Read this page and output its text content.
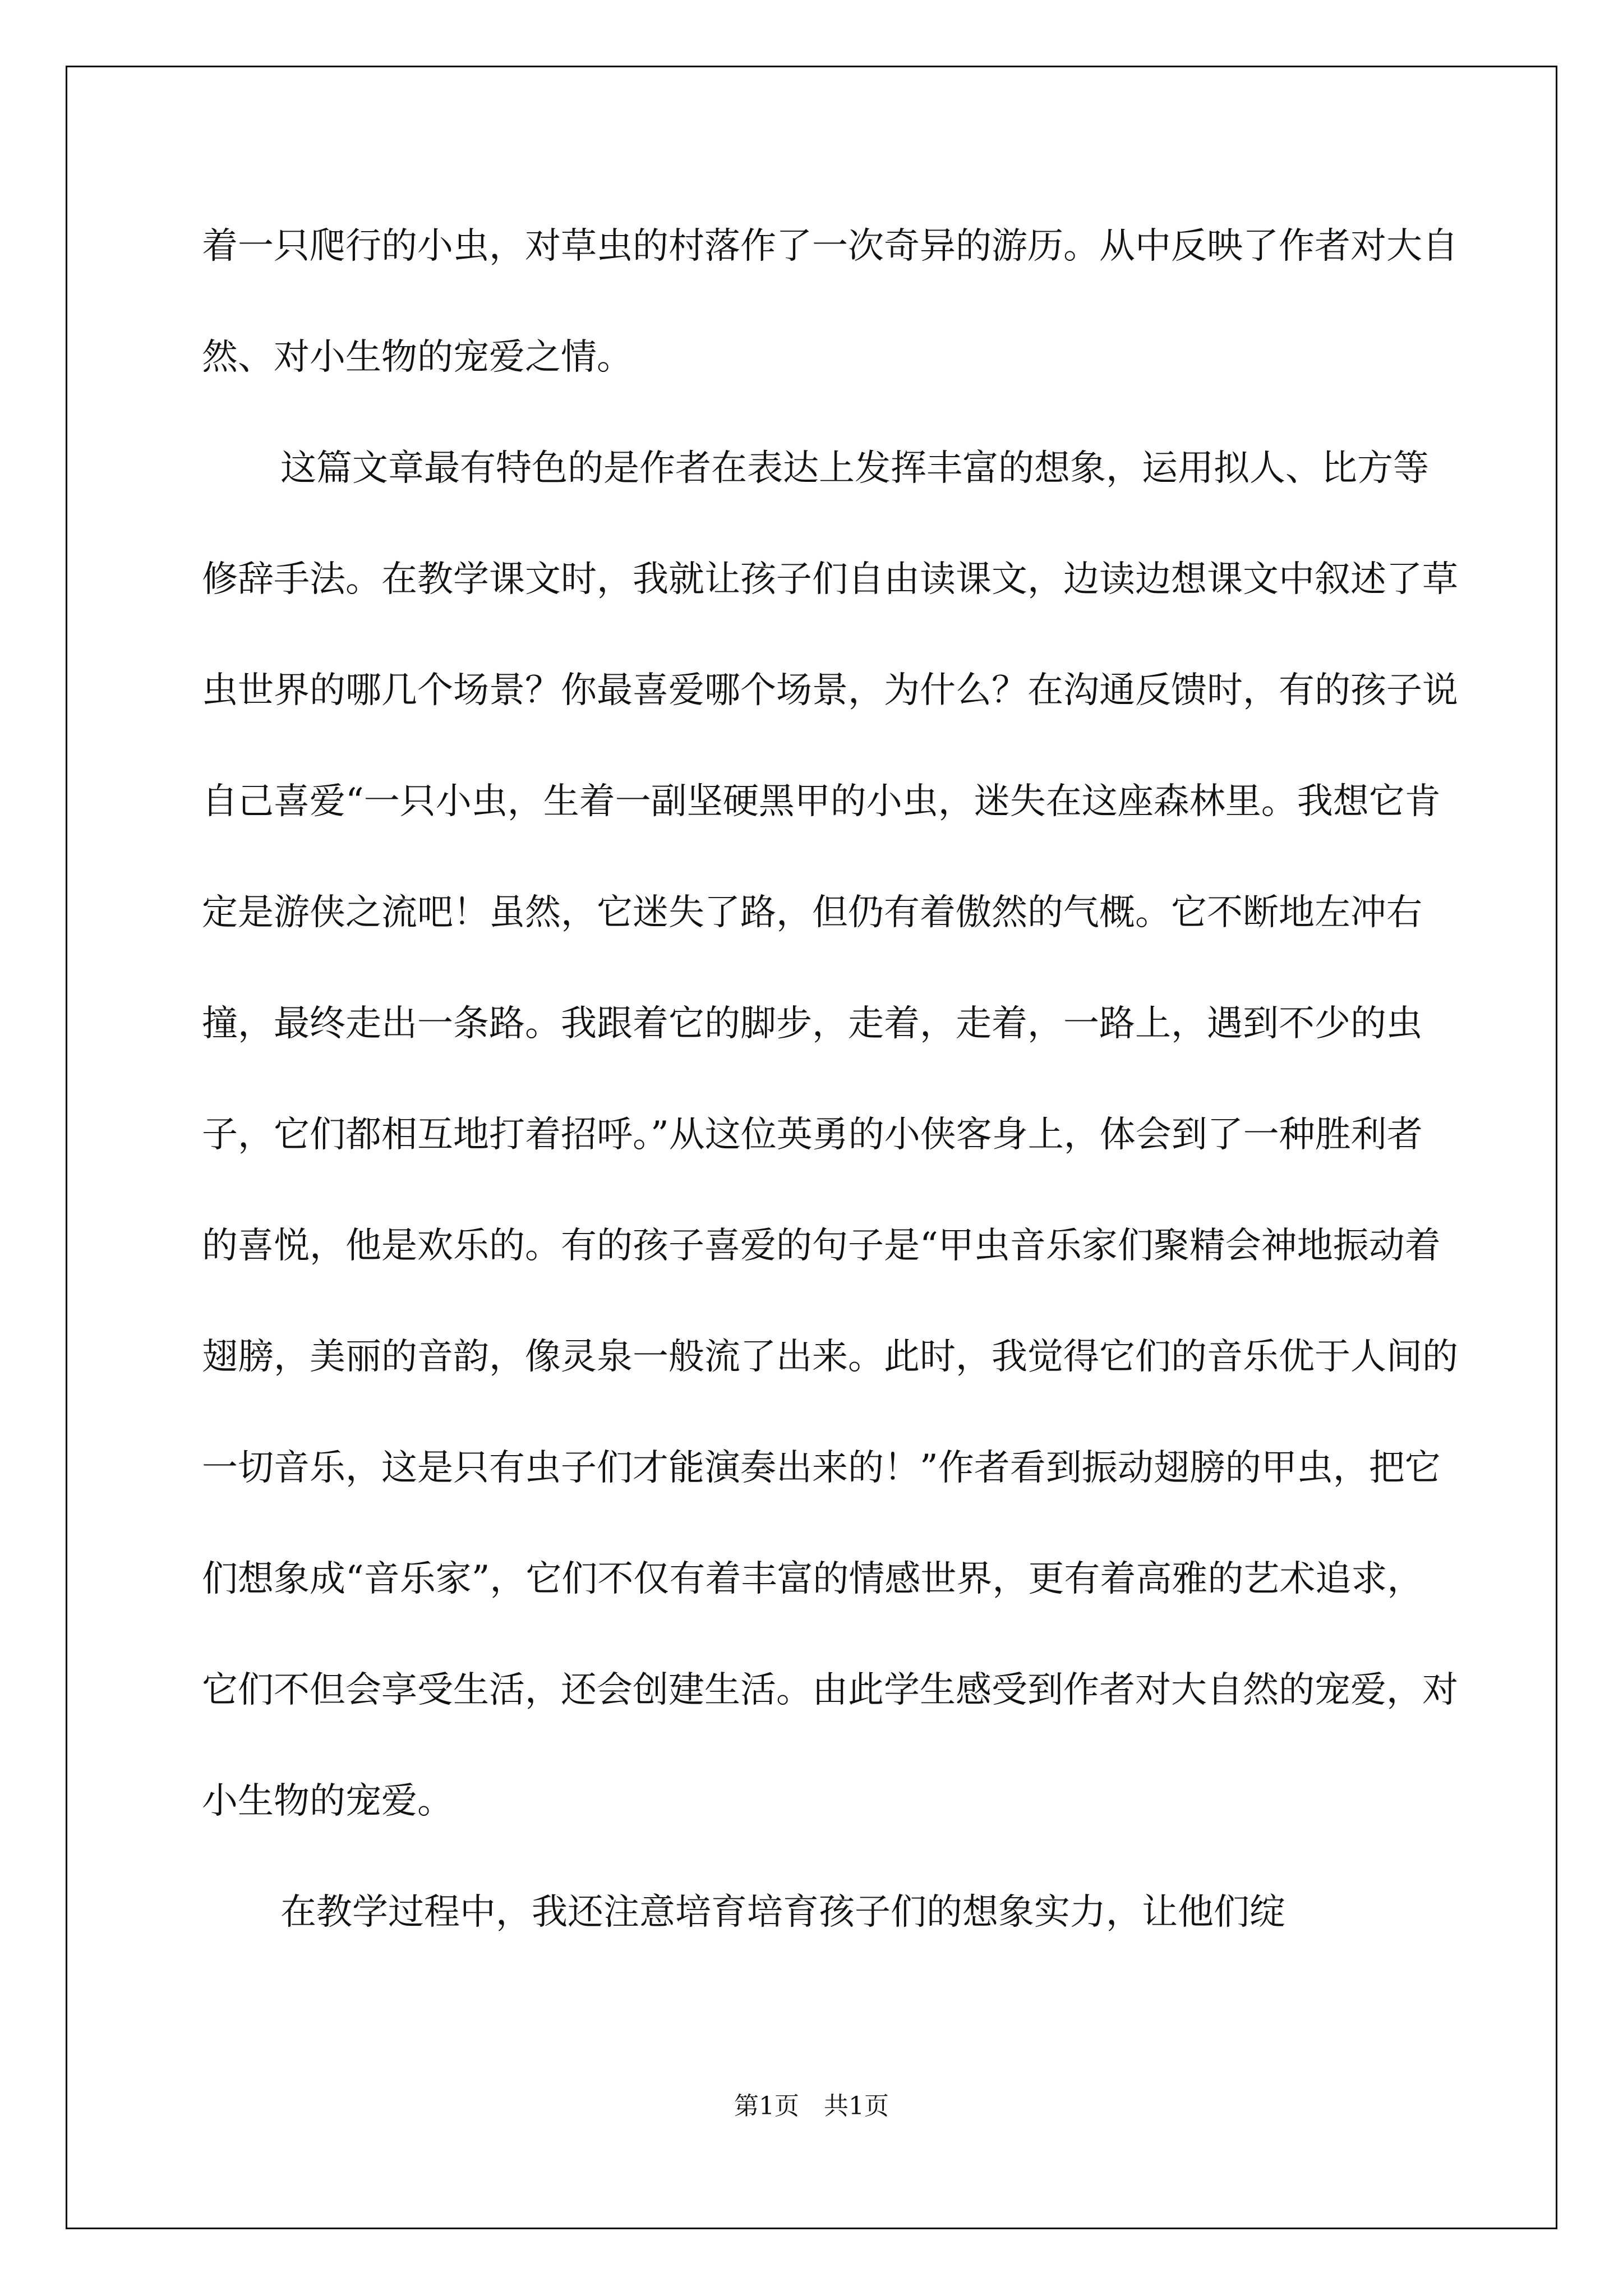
着一只爬行的小虫，对草虫的村落作了一次奇异的游历。从中反映了作者对大自然、对小生物的宠爱之情。

这篇文章最有特色的是作者在表达上发挥丰富的想象，运用拟人、比方等修辞手法。在教学课文时，我就让孩子们自由读课文，边读边想课文中叙述了草虫世界的哪几个场景？你最喜爱哪个场景，为什么？在沟通反馈时，有的孩子说自己喜爱“一只小虫，生着一副坚硬黑甲的小虫，迷失在这座森林里。我想它肯定是游侠之流吧！虽然，它迷失了路，但仍有着傲然的气概。它不断地左冲右撞，最终走出一条路。我跟着它的脚步，走着，走着，一路上，遇到不少的虫子，它们都相互地打着招呼。”从这位英勇的小侠客身上，体会到了一种胜利者的喜悦，他是欢乐的。有的孩子喜爱的句子是“甲虫音乐家们聚精会神地振动着翅膀，美丽的音韵，像灵泉一般流了出来。此时，我觉得它们的音乐优于人间的一切音乐，这是只有虫子们才能演奏出来的！”作者看到振动翅膀的甲虫，把它们想象成“音乐家”，它们不仅有着丰富的情感世界，更有着高雅的艺术追求，它们不但会享受生活，还会创建生活。由此学生感受到作者对大自然的宠爱，对小生物的宠爱。

在教学过程中，我还注意培育培育孩子们的想象实力，让他们绽

第1页　共1页
